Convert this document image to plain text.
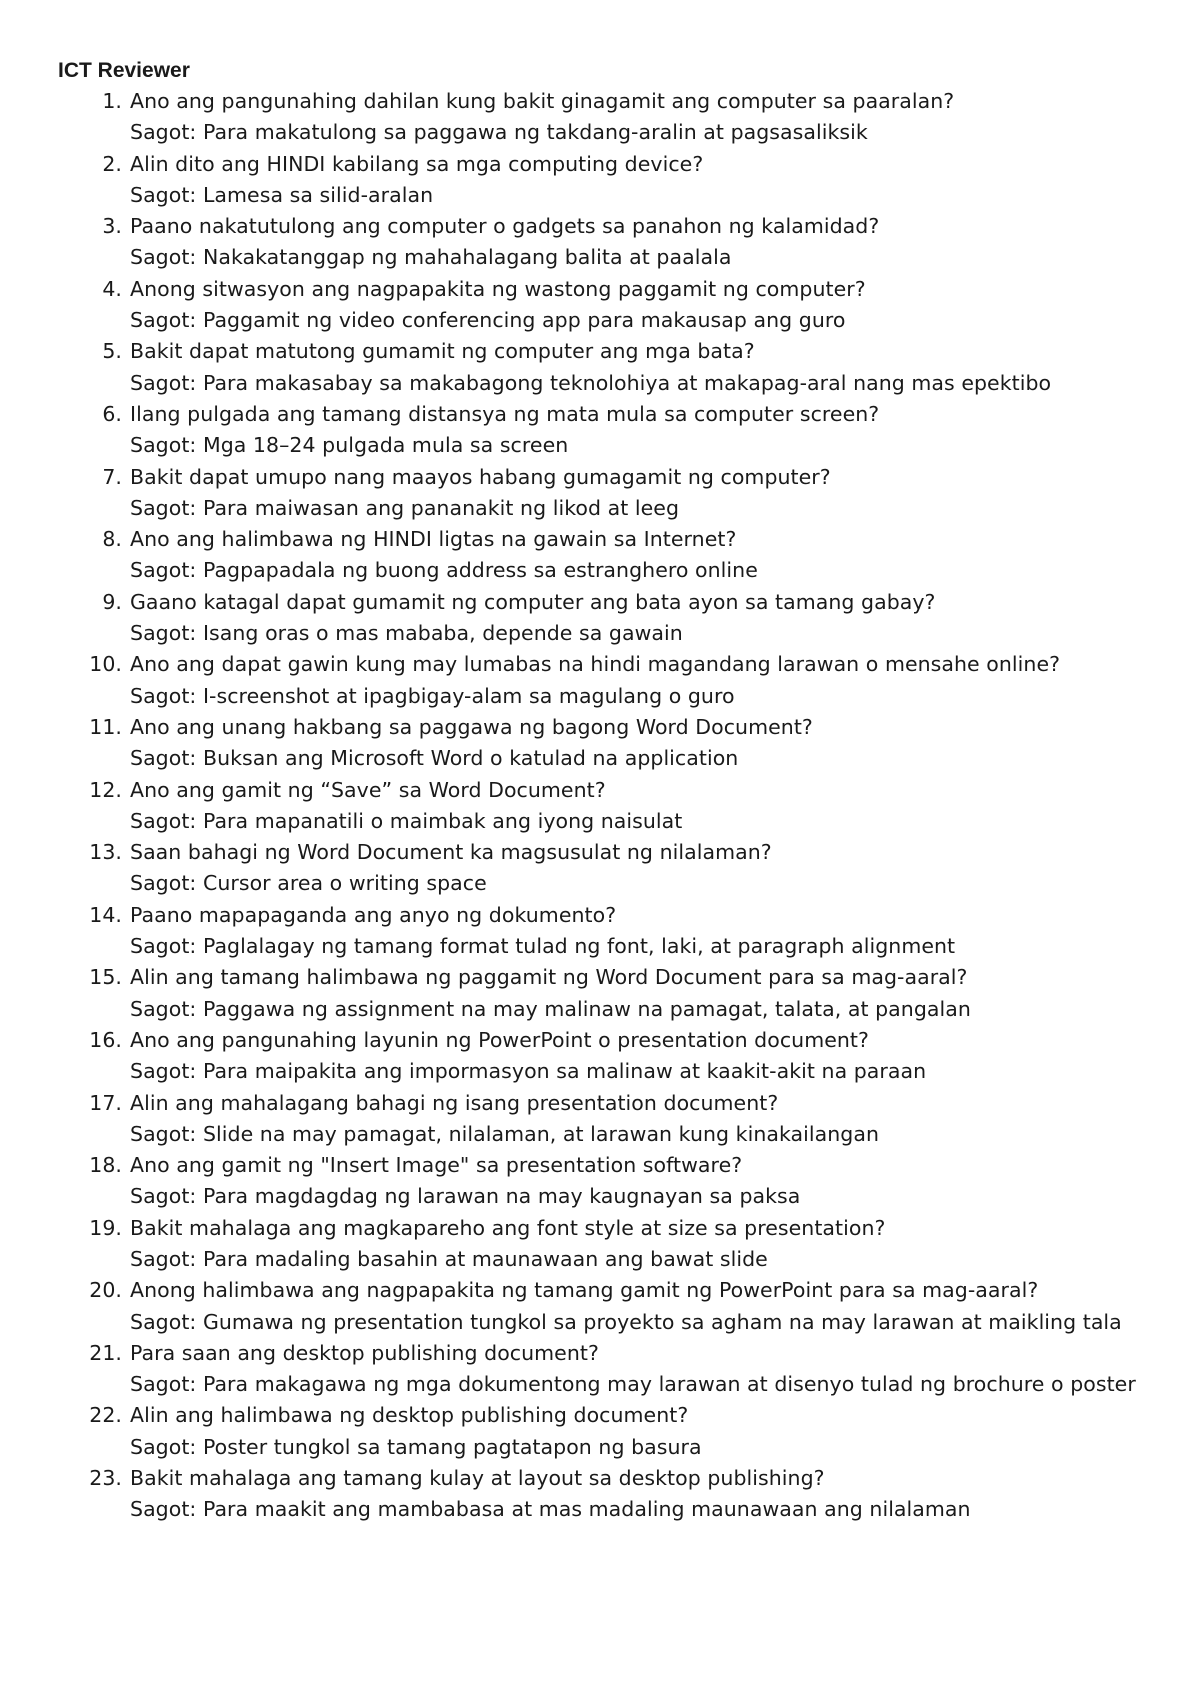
ICT Reviewer
1. Ano ang pangunahing dahilan kung bakit ginagamit ang computer sa paaralan?
Sagot: Para makatulong sa paggawa ng takdang-aralin at pagsasaliksik
2. Alin dito ang HINDI kabilang sa mga computing device?
Sagot: Lamesa sa silid-aralan
3. Paano nakatutulong ang computer o gadgets sa panahon ng kalamidad?
Sagot: Nakakatanggap ng mahahalagang balita at paalala
4. Anong sitwasyon ang nagpapakita ng wastong paggamit ng computer?
Sagot: Paggamit ng video conferencing app para makausap ang guro
5. Bakit dapat matutong gumamit ng computer ang mga bata?
Sagot: Para makasabay sa makabagong teknolohiya at makapag-aral nang mas epektibo
6. Ilang pulgada ang tamang distansya ng mata mula sa computer screen?
Sagot: Mga 18–24 pulgada mula sa screen
7. Bakit dapat umupo nang maayos habang gumagamit ng computer?
Sagot: Para maiwasan ang pananakit ng likod at leeg
8. Ano ang halimbawa ng HINDI ligtas na gawain sa Internet?
Sagot: Pagpapadala ng buong address sa estranghero online
9. Gaano katagal dapat gumamit ng computer ang bata ayon sa tamang gabay?
Sagot: Isang oras o mas mababa, depende sa gawain
10. Ano ang dapat gawin kung may lumabas na hindi magandang larawan o mensahe online?
Sagot: I-screenshot at ipagbigay-alam sa magulang o guro
11. Ano ang unang hakbang sa paggawa ng bagong Word Document?
Sagot: Buksan ang Microsoft Word o katulad na application
12. Ano ang gamit ng “Save” sa Word Document?
Sagot: Para mapanatili o maimbak ang iyong naisulat
13. Saan bahagi ng Word Document ka magsusulat ng nilalaman?
Sagot: Cursor area o writing space
14. Paano mapapaganda ang anyo ng dokumento?
Sagot: Paglalagay ng tamang format tulad ng font, laki, at paragraph alignment
15. Alin ang tamang halimbawa ng paggamit ng Word Document para sa mag-aaral?
Sagot: Paggawa ng assignment na may malinaw na pamagat, talata, at pangalan
16. Ano ang pangunahing layunin ng PowerPoint o presentation document?
Sagot: Para maipakita ang impormasyon sa malinaw at kaakit-akit na paraan
17. Alin ang mahalagang bahagi ng isang presentation document?
Sagot: Slide na may pamagat, nilalaman, at larawan kung kinakailangan
18. Ano ang gamit ng "Insert Image" sa presentation software?
Sagot: Para magdagdag ng larawan na may kaugnayan sa paksa
19. Bakit mahalaga ang magkapareho ang font style at size sa presentation?
Sagot: Para madaling basahin at maunawaan ang bawat slide
20. Anong halimbawa ang nagpapakita ng tamang gamit ng PowerPoint para sa mag-aaral?
Sagot: Gumawa ng presentation tungkol sa proyekto sa agham na may larawan at maikling tala
21. Para saan ang desktop publishing document?
Sagot: Para makagawa ng mga dokumentong may larawan at disenyo tulad ng brochure o poster
22. Alin ang halimbawa ng desktop publishing document?
Sagot: Poster tungkol sa tamang pagtatapon ng basura
23. Bakit mahalaga ang tamang kulay at layout sa desktop publishing?
Sagot: Para maakit ang mambabasa at mas madaling maunawaan ang nilalaman
